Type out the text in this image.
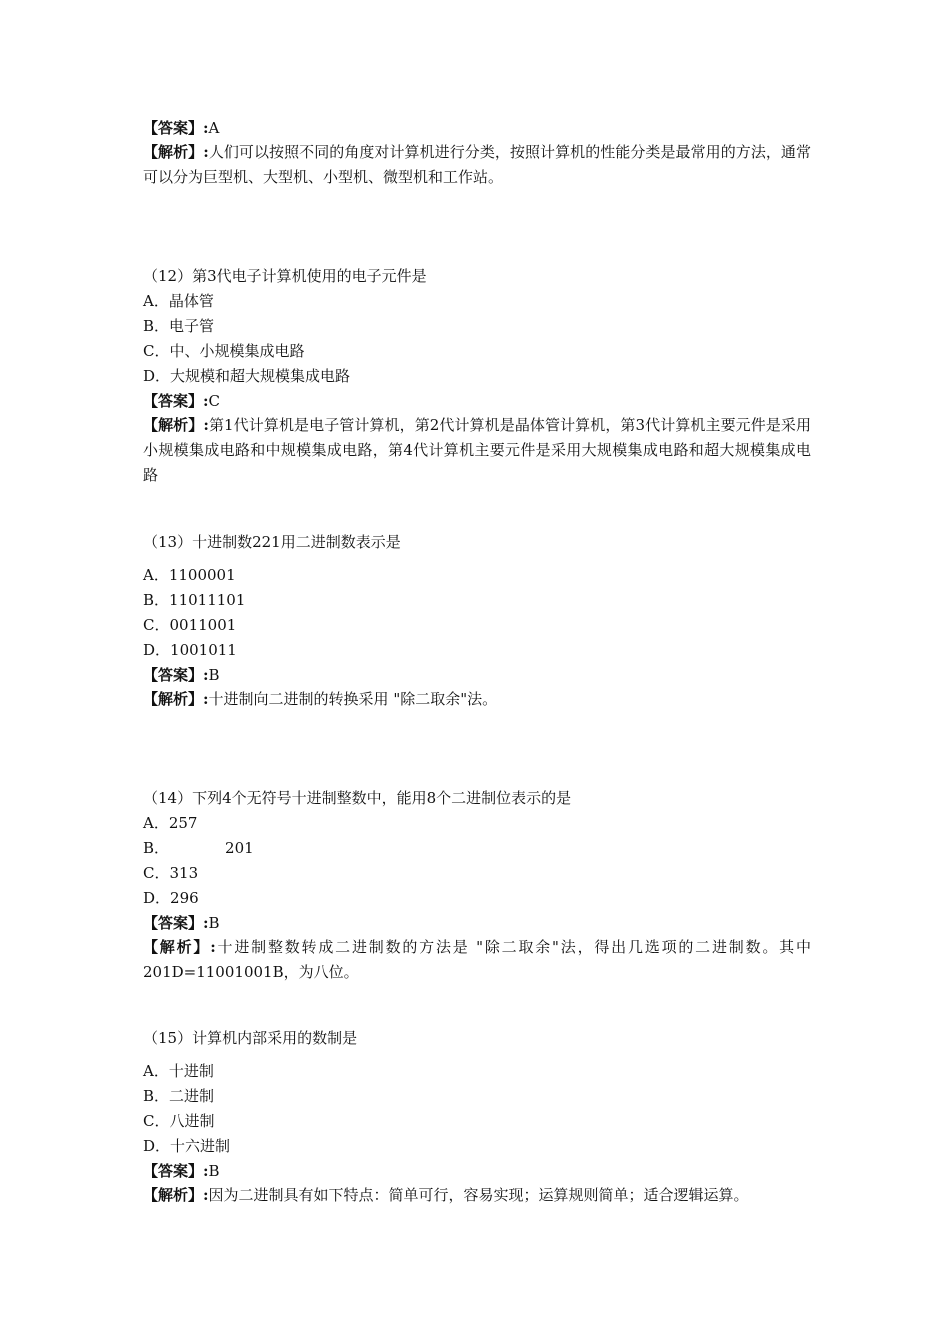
【答案】:A
【解析】:人们可以按照不同的角度对计算机进行分类，按照计算机的性能分类是最常用的方法，通常可以分为巨型机、大型机、小型机、微型机和工作站。
（12）第3代电子计算机使用的电子元件是
A．晶体管
B．电子管
C．中、小规模集成电路
D．大规模和超大规模集成电路
【答案】:C
【解析】:第1代计算机是电子管计算机，第2代计算机是晶体管计算机，第3代计算机主要元件是采用小规模集成电路和中规模集成电路，第4代计算机主要元件是采用大规模集成电路和超大规模集成电路
（13）十进制数221用二进制数表示是
A．1100001
B．11011101
C．0011001
D．1001011
【答案】:B
【解析】:十进制向二进制的转换采用 "除二取余"法。
（14）下列4个无符号十进制整数中，能用8个二进制位表示的是
A．257
B．	201
C．313
D．296
【答案】:B
【解析】:十进制整数转成二进制数的方法是 "除二取余"法，得出几选项的二进制数。其中201D=11001001B，为八位。
（15）计算机内部采用的数制是
A．十进制
B．二进制
C．八进制
D．十六进制
【答案】:B
【解析】:因为二进制具有如下特点：简单可行，容易实现；运算规则简单；适合逻辑运算。
